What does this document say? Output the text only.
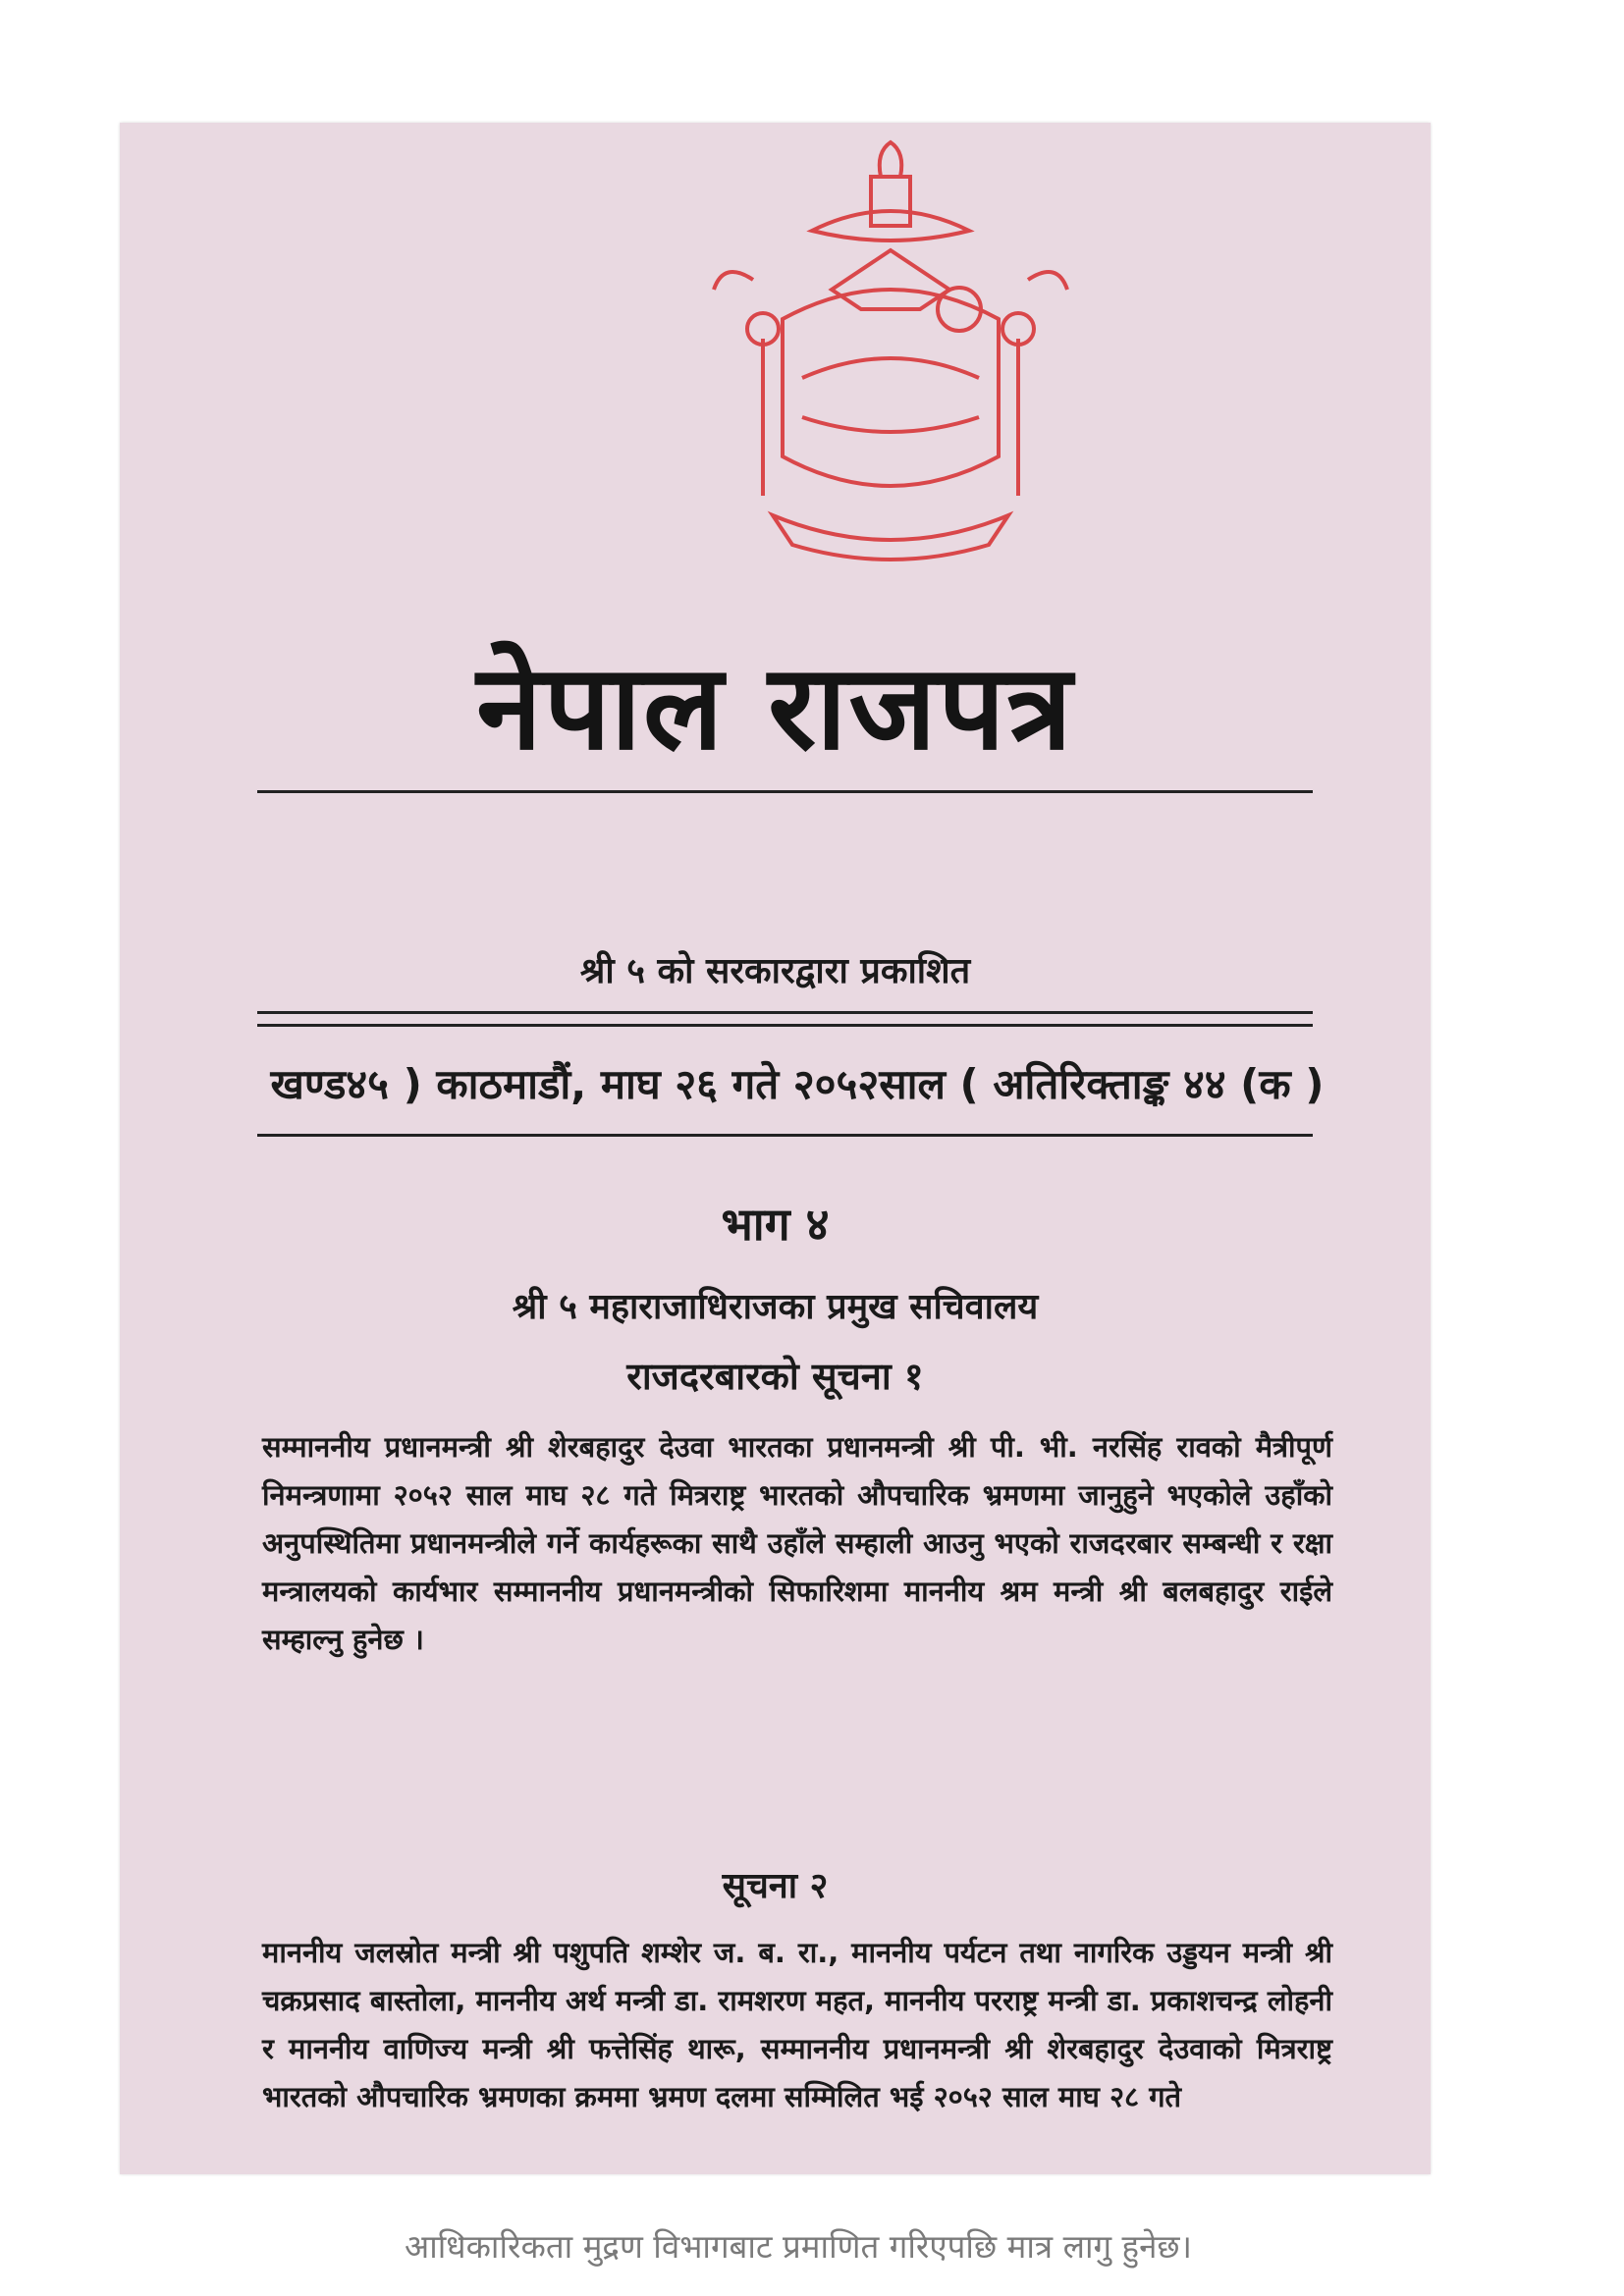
नेपाल राजपत्र
श्री ५ को सरकारद्वारा प्रकाशित
खण्ड४५ ) काठमाडौं, माघ २६ गते २०५२साल ( अतिरिक्ताङ्क ४४ (क )
भाग ४
श्री ५ महाराजाधिराजका प्रमुख सचिवालय
राजदरबारको सूचना १
सम्माननीय प्रधानमन्त्री श्री शेरबहादुर देउवा भारतका प्रधानमन्त्री श्री पी. भी. नरसिंह रावको मैत्रीपूर्ण निमन्त्रणामा २०५२ साल माघ २८ गते मित्रराष्ट्र भारतको औपचारिक भ्रमणमा जानुहुने भएकोले उहाँको अनुपस्थितिमा प्रधानमन्त्रीले गर्ने कार्यहरूका साथै उहाँले सम्हाली आउनु भएको राजदरबार सम्बन्धी र रक्षा मन्त्रालयको कार्यभार सम्माननीय प्रधानमन्त्रीको सिफारिशमा माननीय श्रम मन्त्री श्री बलबहादुर राईले सम्हाल्नु हुनेछ ।
सूचना २
माननीय जलस्रोत मन्त्री श्री पशुपति शम्शेर ज. ब. रा., माननीय पर्यटन तथा नागरिक उड्डयन मन्त्री श्री चक्रप्रसाद बास्तोला, माननीय अर्थ मन्त्री डा. रामशरण महत, माननीय परराष्ट्र मन्त्री डा. प्रकाशचन्द्र लोहनी र माननीय वाणिज्य मन्त्री श्री फत्तेसिंह थारू, सम्माननीय प्रधानमन्त्री श्री शेरबहादुर देउवाको मित्रराष्ट्र भारतको औपचारिक भ्रमणका क्रममा भ्रमण दलमा सम्मिलित भई २०५२ साल माघ २८ गते
आधिकारिकता मुद्रण विभागबाट प्रमाणित गरिएपछि मात्र लागु हुनेछ।
